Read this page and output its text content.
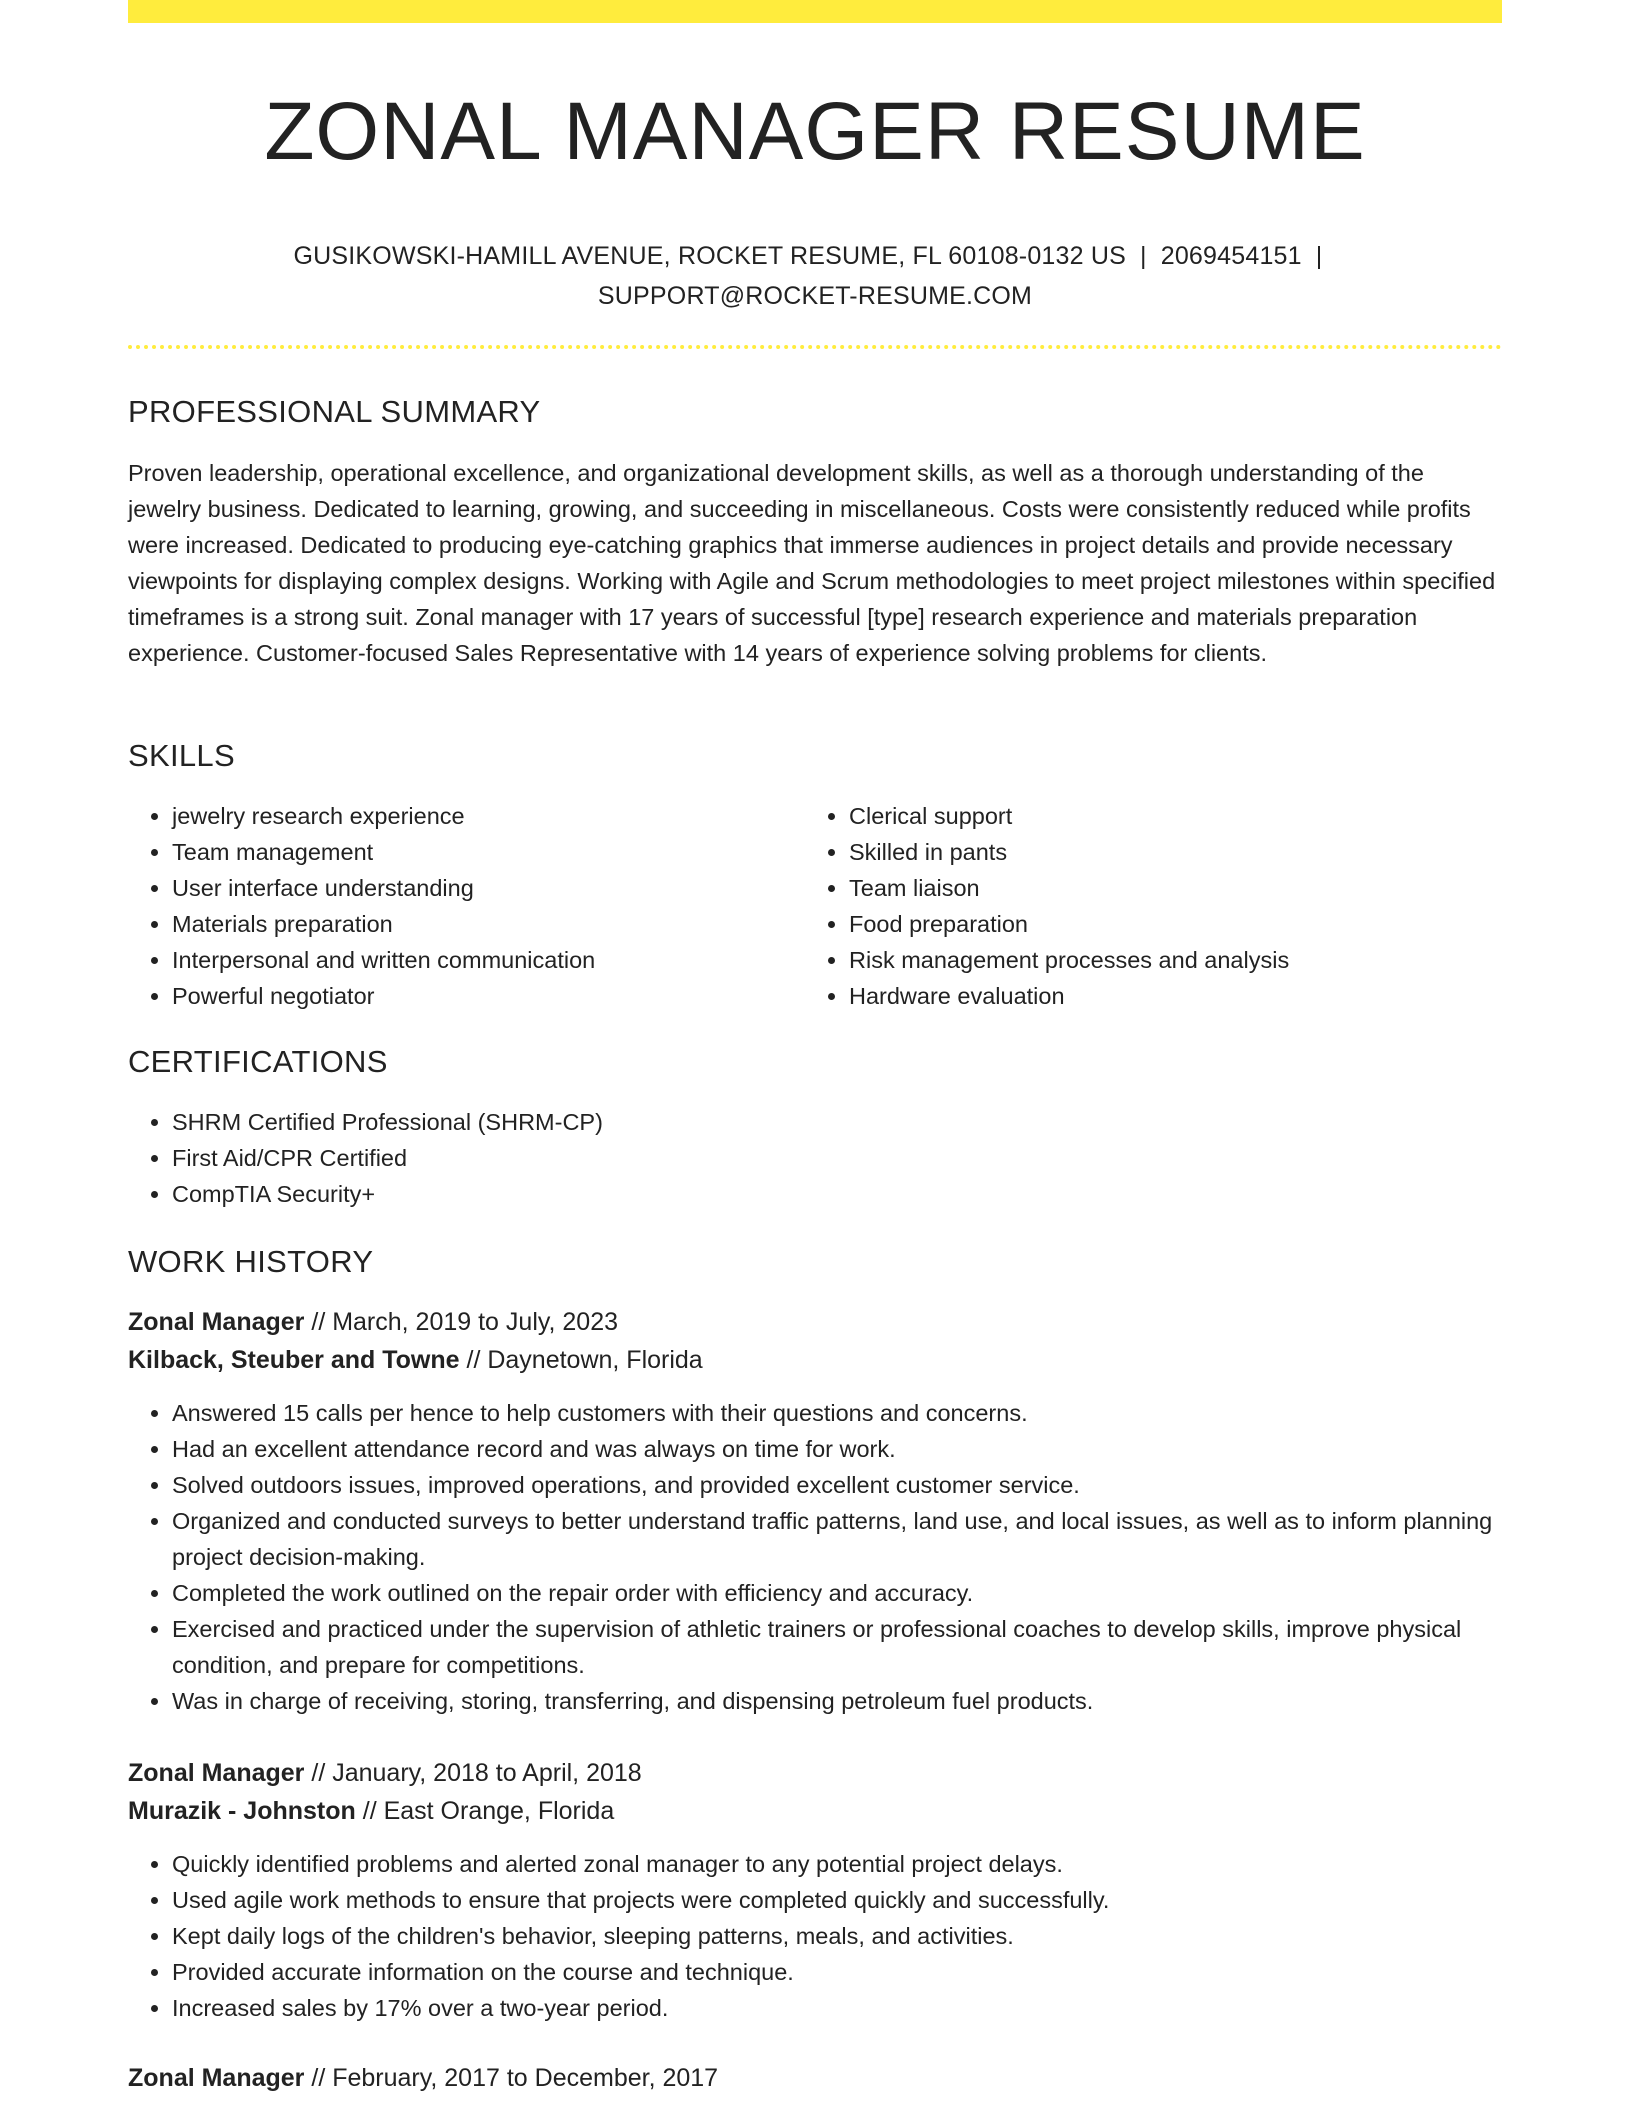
ZONAL MANAGER RESUME
GUSIKOWSKI-HAMILL AVENUE, ROCKET RESUME, FL 60108-0132 US | 2069454151 |
SUPPORT@ROCKET-RESUME.COM
PROFESSIONAL SUMMARY

Proven leadership, operational excellence, and organizational development skills, as well as a thorough understanding of the jewelry business. Dedicated to learning, growing, and succeeding in miscellaneous. Costs were consistently reduced while profits were increased. Dedicated to producing eye-catching graphics that immerse audiences in project details and provide necessary viewpoints for displaying complex designs. Working with Agile and Scrum methodologies to meet project milestones within specified timeframes is a strong suit. Zonal manager with 17 years of successful [type] research experience and materials preparation experience. Customer-focused Sales Representative with 14 years of experience solving problems for clients.

SKILLS
• jewelry research experience
• Team management
• User interface understanding
• Materials preparation
• Interpersonal and written communication
• Powerful negotiator
• Clerical support
• Skilled in pants
• Team liaison
• Food preparation
• Risk management processes and analysis
• Hardware evaluation
CERTIFICATIONS
• SHRM Certified Professional (SHRM-CP)
• First Aid/CPR Certified
• CompTIA Security+
WORK HISTORY
Zonal Manager // March, 2019 to July, 2023
Kilback, Steuber and Towne // Daynetown, Florida
• Answered 15 calls per hence to help customers with their questions and concerns.
• Had an excellent attendance record and was always on time for work.
• Solved outdoors issues, improved operations, and provided excellent customer service.
• Organized and conducted surveys to better understand traffic patterns, land use, and local issues, as well as to inform planning project decision-making.
• Completed the work outlined on the repair order with efficiency and accuracy.
• Exercised and practiced under the supervision of athletic trainers or professional coaches to develop skills, improve physical condition, and prepare for competitions.
• Was in charge of receiving, storing, transferring, and dispensing petroleum fuel products.
Zonal Manager // January, 2018 to April, 2018
Murazik - Johnston // East Orange, Florida
• Quickly identified problems and alerted zonal manager to any potential project delays.
• Used agile work methods to ensure that projects were completed quickly and successfully.
• Kept daily logs of the children's behavior, sleeping patterns, meals, and activities.
• Provided accurate information on the course and technique.
• Increased sales by 17% over a two-year period.
Zonal Manager // February, 2017 to December, 2017
